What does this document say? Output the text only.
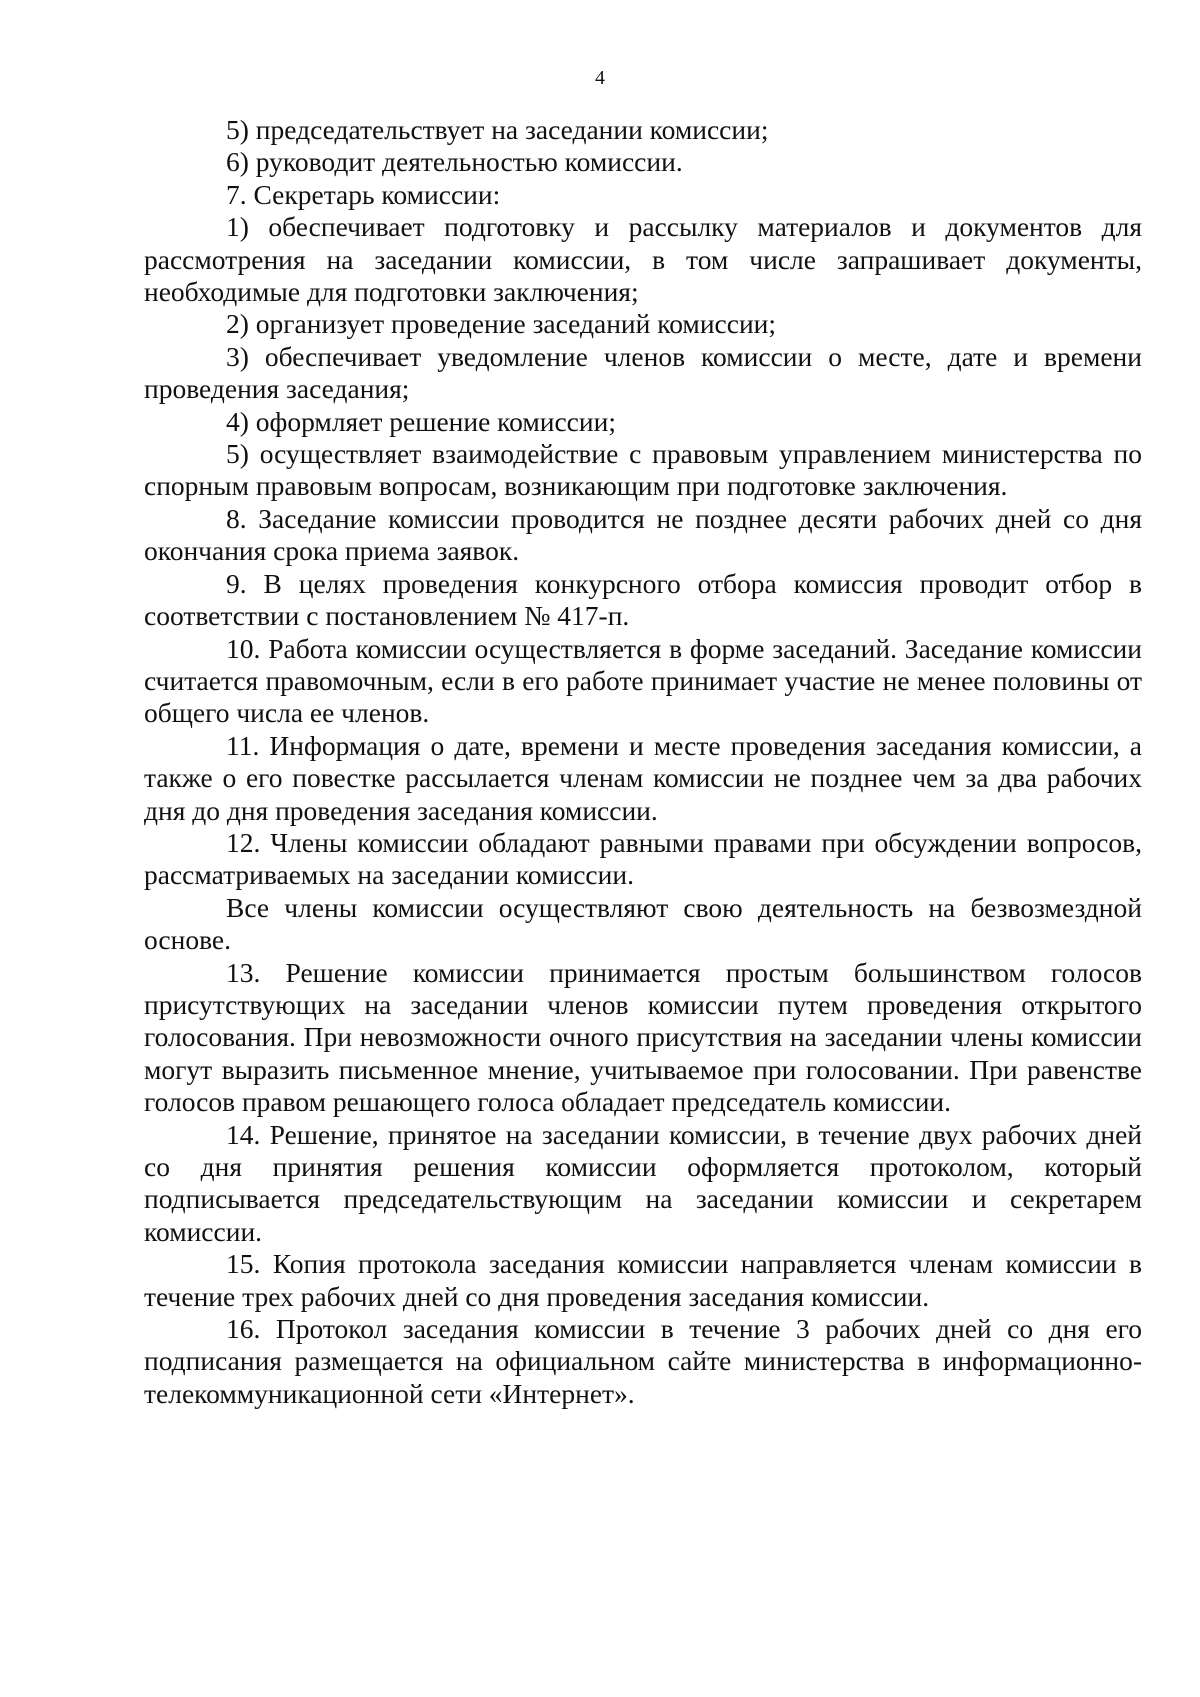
4

5) председательствует на заседании комиссии;

6) руководит деятельностью комиссии.

7. Секретарь комиссии:

1) обеспечивает подготовку и рассылку материалов и документов для рассмотрения на заседании комиссии, в том числе запрашивает документы, необходимые для подготовки заключения;

2) организует проведение заседаний комиссии;

3) обеспечивает уведомление членов комиссии о месте, дате и времени проведения заседания;

4) оформляет решение комиссии;

5) осуществляет взаимодействие с правовым управлением министерства по спорным правовым вопросам, возникающим при подготовке заключения.

8. Заседание комиссии проводится не позднее десяти рабочих дней со дня окончания срока приема заявок.

9. В целях проведения конкурсного отбора комиссия проводит отбор в соответствии с постановлением № 417-п.

10. Работа комиссии осуществляется в форме заседаний. Заседание комиссии считается правомочным, если в его работе принимает участие не менее половины от общего числа ее членов.

11. Информация о дате, времени и месте проведения заседания комиссии, а также о его повестке рассылается членам комиссии не позднее чем за два рабочих дня до дня проведения заседания комиссии.

12. Члены комиссии обладают равными правами при обсуждении вопросов, рассматриваемых на заседании комиссии.

Все члены комиссии осуществляют свою деятельность на безвозмездной основе.

13. Решение комиссии принимается простым большинством голосов присутствующих на заседании членов комиссии путем проведения открытого голосования. При невозможности очного присутствия на заседании члены комиссии могут выразить письменное мнение, учитываемое при голосовании. При равенстве голосов правом решающего голоса обладает председатель комиссии.

14. Решение, принятое на заседании комиссии, в течение двух рабочих дней со дня принятия решения комиссии оформляется протоколом, который подписывается председательствующим на заседании комиссии и секретарем комиссии.

15. Копия протокола заседания комиссии направляется членам комиссии в течение трех рабочих дней со дня проведения заседания комиссии.

16. Протокол заседания комиссии в течение 3 рабочих дней со дня его подписания размещается на официальном сайте министерства в информационно-телекоммуникационной сети «Интернет».
